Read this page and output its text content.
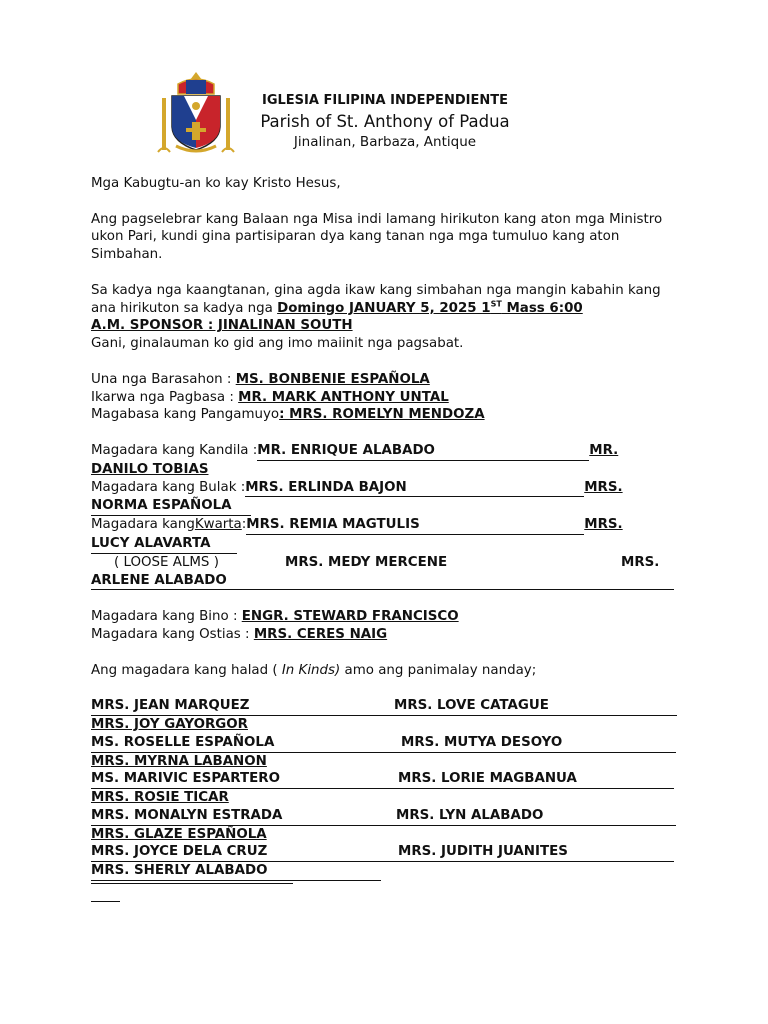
IGLESIA FILIPINA INDEPENDIENTE
Parish of St. Anthony of Padua
Jinalinan, Barbaza, Antique

Mga Kabugtu-an ko kay Kristo Hesus,

Ang pagselebrar kang Balaan nga Misa indi lamang hirikuton kang aton mga Ministro ukon Pari, kundi gina partisiparan dya kang tanan nga mga tumuluo kang aton Simbahan.

Sa kadya nga kaangtanan, gina agda ikaw kang simbahan nga mangin kabahin kang ana hirikuton sa kadya nga Domingo JANUARY 5, 2025 1ST Mass 6:00
A.M. SPONSOR : JINALINAN SOUTH

Gani, ginalauman ko gid ang imo maiinit nga pagsabat.

Una nga Barasahon : MS. BONBENIE ESPAÑOLA

Ikarwa nga Pagbasa : MR. MARK ANTHONY UNTAL

Magabasa kang Pangamuyo: MRS. ROMELYN MENDOZA

Magadara kang Kandila : MR. ENRIQUE ALABADO	MR.

DANILO TOBIAS

Magadara kang Bulak : MRS. ERLINDA BAJON	MRS.

NORMA ESPAÑOLA

Magadara kang Kwarta : MRS. REMIA MAGTULIS	MRS.

LUCY ALAVARTA

( LOOSE ALMS )	MRS. MEDY MERCENE	MRS.

ARLENE ALABADO

Magadara kang Bino : ENGR. STEWARD FRANCISCO

Magadara kang Ostias : MRS. CERES NAIG

Ang magadara kang halad ( In Kinds) amo ang panimalay nanday;

MRS. JEAN MARQUEZ	MRS. LOVE CATAGUE

MRS. JOY GAYORGOR

MS. ROSELLE ESPAÑOLA	MRS. MUTYA DESOYO

MRS. MYRNA LABANON

MS. MARIVIC ESPARTERO	MRS. LORIE MAGBANUA

MRS. ROSIE TICAR

MRS. MONALYN ESTRADA	MRS. LYN ALABADO

MRS. GLAZE ESPAÑOLA

MRS. JOYCE DELA CRUZ	MRS. JUDITH JUANITES

MRS. SHERLY ALABADO
